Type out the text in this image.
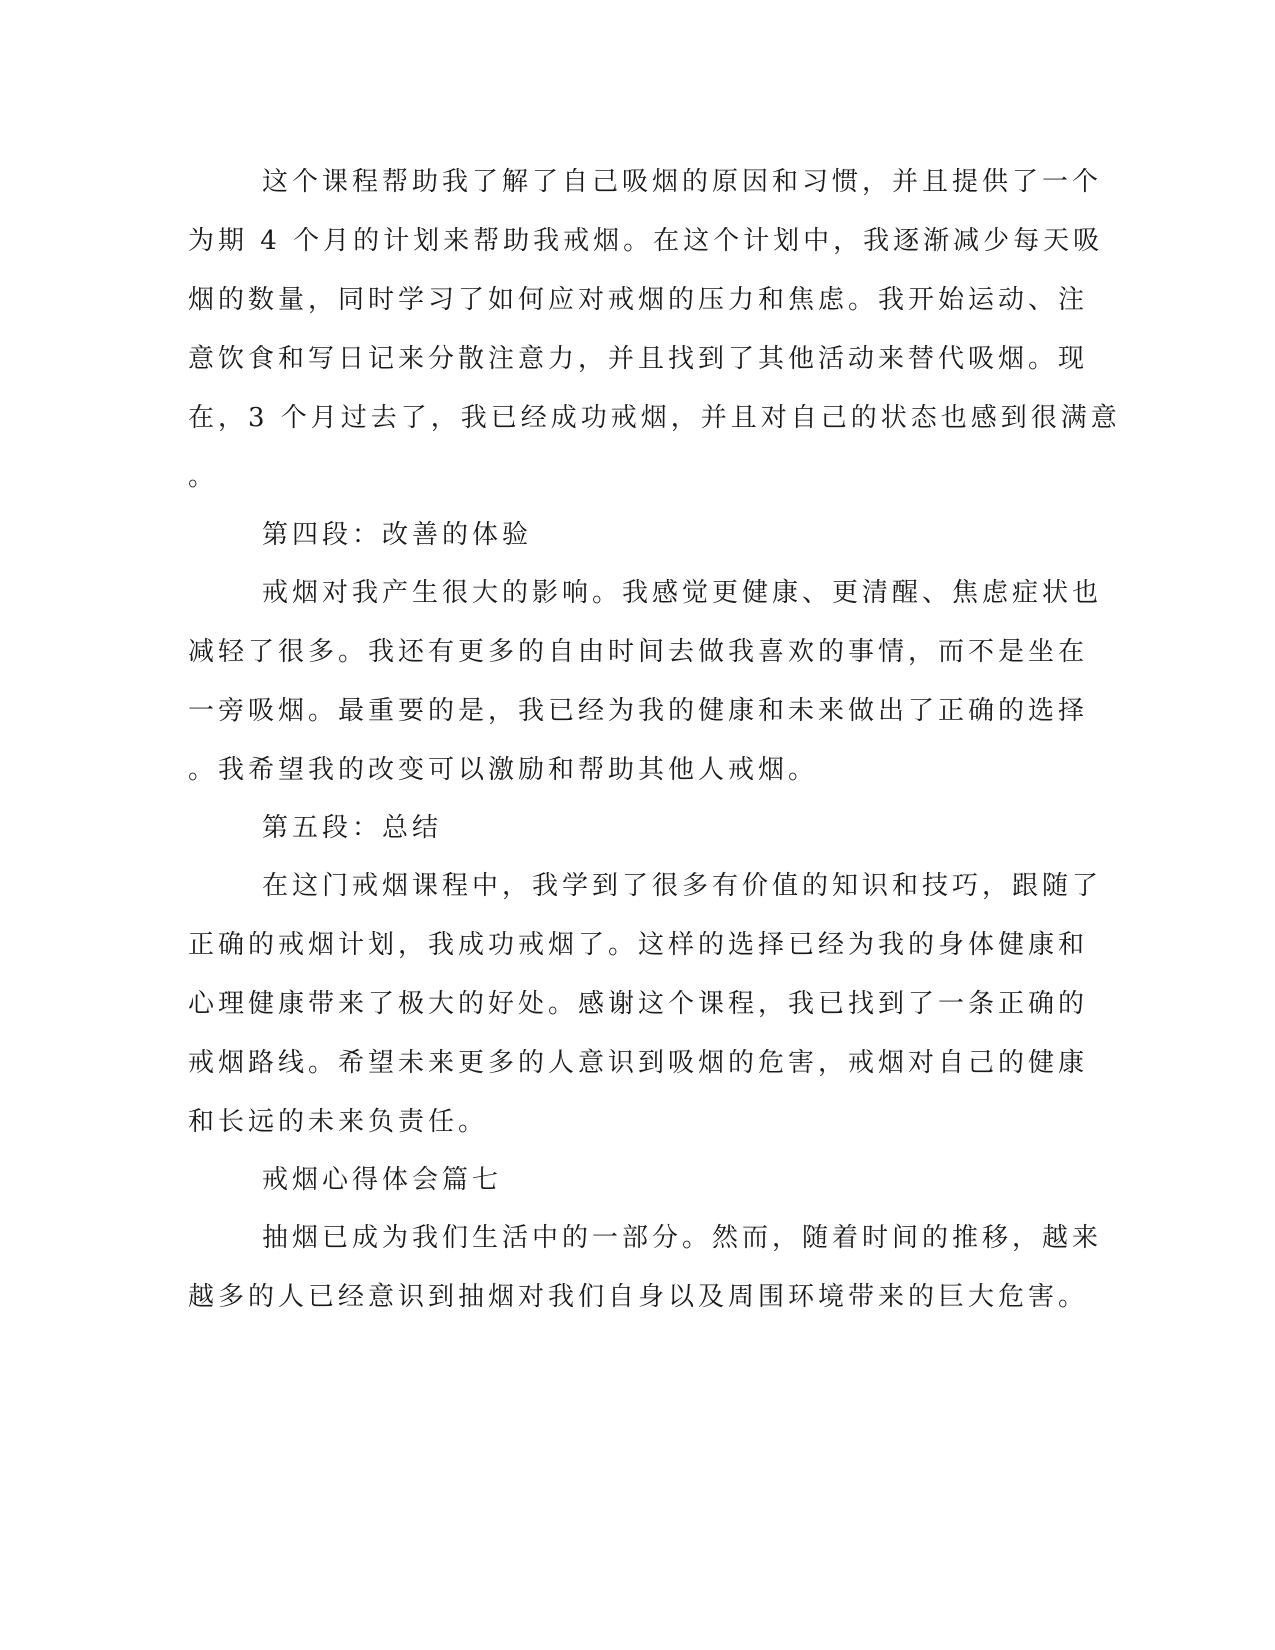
这个课程帮助我了解了自己吸烟的原因和习惯，并且提供了一个
为期 4 个月的计划来帮助我戒烟。在这个计划中，我逐渐减少每天吸
烟的数量，同时学习了如何应对戒烟的压力和焦虑。我开始运动、注
意饮食和写日记来分散注意力，并且找到了其他活动来替代吸烟。现
在，3 个月过去了，我已经成功戒烟，并且对自己的状态也感到很满意
。
第四段：改善的体验
戒烟对我产生很大的影响。我感觉更健康、更清醒、焦虑症状也
减轻了很多。我还有更多的自由时间去做我喜欢的事情，而不是坐在
一旁吸烟。最重要的是，我已经为我的健康和未来做出了正确的选择
。我希望我的改变可以激励和帮助其他人戒烟。
第五段：总结
在这门戒烟课程中，我学到了很多有价值的知识和技巧，跟随了
正确的戒烟计划，我成功戒烟了。这样的选择已经为我的身体健康和
心理健康带来了极大的好处。感谢这个课程，我已找到了一条正确的
戒烟路线。希望未来更多的人意识到吸烟的危害，戒烟对自己的健康
和长远的未来负责任。
戒烟心得体会篇七
抽烟已成为我们生活中的一部分。然而，随着时间的推移，越来
越多的人已经意识到抽烟对我们自身以及周围环境带来的巨大危害。
